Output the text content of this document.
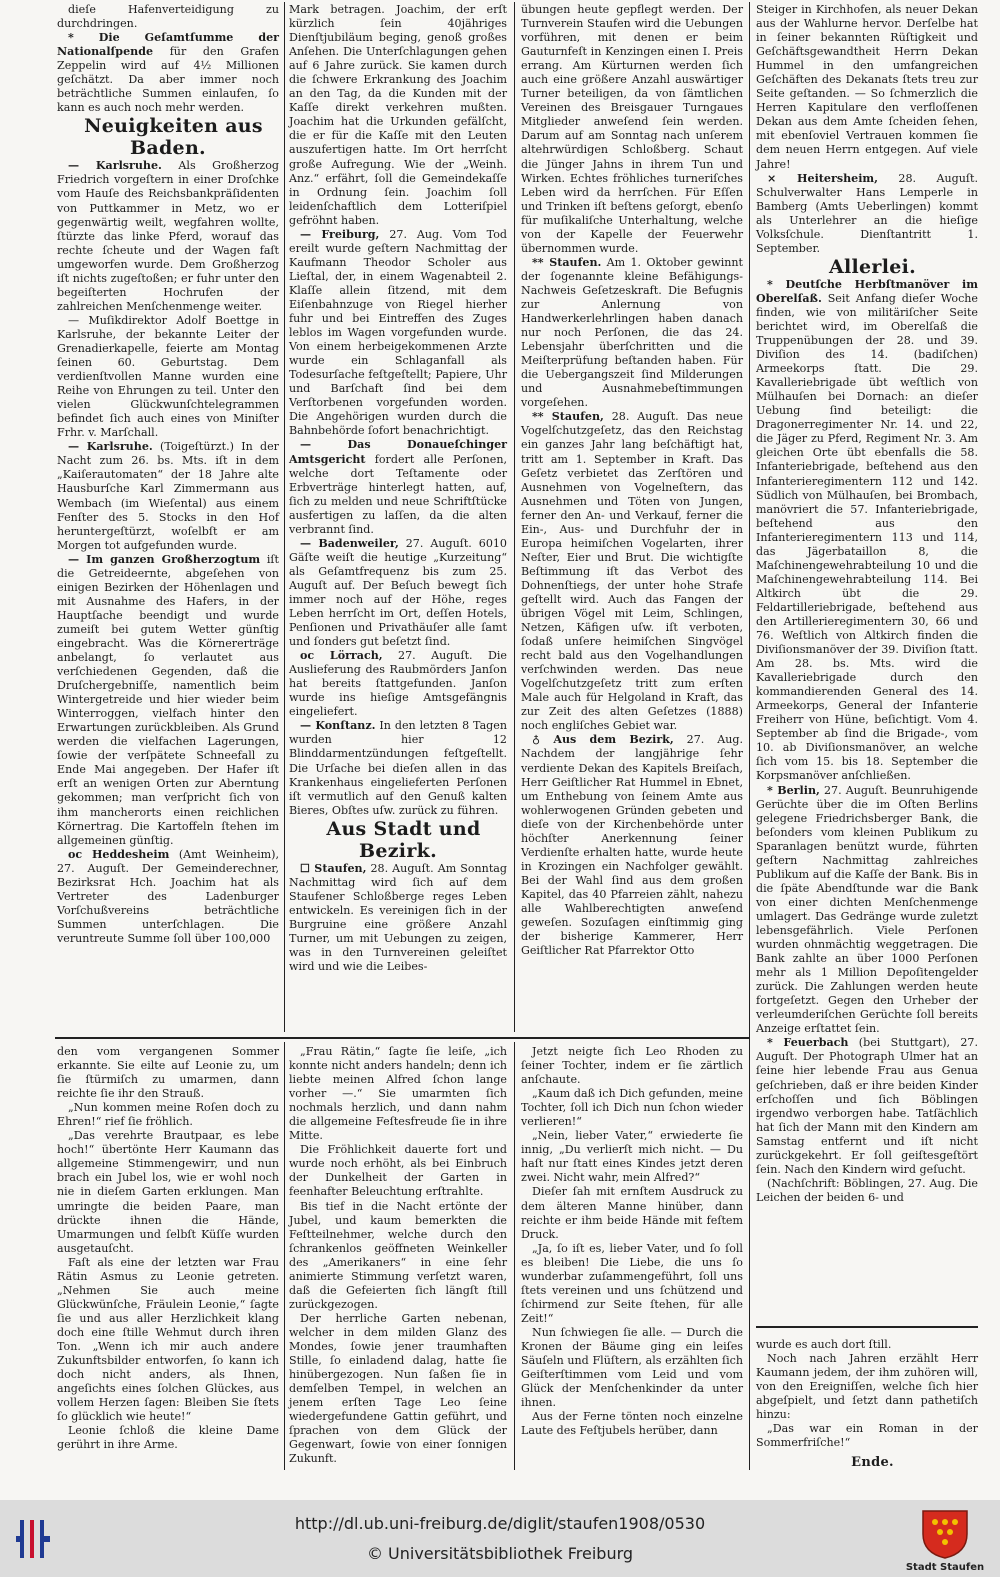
dieſe Hafenverteidigung zu durchdringen.

* Die Geſamtſumme der Nationalſpende für den Grafen Zeppelin wird auf 4½ Millionen geſchätzt. Da aber immer noch beträchtliche Summen einlaufen, ſo kann es auch noch mehr werden.

Neuigkeiten aus Baden.

— Karlsruhe. Als Großherzog Friedrich vorgeſtern in einer Droſchke vom Hauſe des Reichsbankpräſidenten von Puttkammer in Metz, wo er gegenwärtig weilt, wegfahren wollte, ſtürzte das linke Pferd, worauf das rechte ſcheute und der Wagen faſt umgeworfen wurde. Dem Großherzog iſt nichts zugeſtoßen; er fuhr unter den begeiſterten Hochrufen der zahlreichen Menſchenmenge weiter.

— Muſikdirektor Adolf Boettge in Karlsruhe, der bekannte Leiter der Grenadierkapelle, feierte am Montag ſeinen 60. Geburtstag. Dem verdienſtvollen Manne wurden eine Reihe von Ehrungen zu teil. Unter den vielen Glückwunſchtelegrammen befindet ſich auch eines von Miniſter Frhr. v. Marſchall.

— Karlsruhe. (Toigeſtürzt.) In der Nacht zum 26. bs. Mts. iſt in dem „Kaiſerautomaten“ der 18 Jahre alte Hausburſche Karl Zimmermann aus Wembach (im Wieſental) aus einem Fenſter des 5. Stocks in den Hof heruntergeſtürzt, woſelbſt er am Morgen tot aufgefunden wurde.

— Im ganzen Großherzogtum iſt die Getreideernte, abgeſehen von einigen Bezirken der Höhenlagen und mit Ausnahme des Hafers, in der Hauptſache beendigt und wurde zumeiſt bei gutem Wetter günſtig eingebracht. Was die Körnererträge anbelangt, ſo verlautet aus verſchiedenen Gegenden, daß die Druſchergebniſſe, namentlich beim Wintergetreide und hier wieder beim Winterroggen, vielfach hinter den Erwartungen zurückbleiben. Als Grund werden die vielfachen Lagerungen, ſowie der verſpätete Schneefall zu Ende Mai angegeben. Der Hafer iſt erſt an wenigen Orten zur Aberntung gekommen; man verſpricht ſich von ihm mancherorts einen reichlichen Körnertrag. Die Kartoffeln ſtehen im allgemeinen günſtig.

oc Heddesheim (Amt Weinheim), 27. Auguſt. Der Gemeinderechner, Bezirksrat Hch. Joachim hat als Vertreter des Ladenburger Vorſchußvereins beträchtliche Summen unterſchlagen. Die veruntreute Summe ſoll über 100,000

Mark betragen. Joachim, der erſt kürzlich ſein 40jähriges Dienſtjubiläum beging, genoß großes Anſehen. Die Unterſchlagungen gehen auf 6 Jahre zurück. Sie kamen durch die ſchwere Erkrankung des Joachim an den Tag, da die Kunden mit der Kaſſe direkt verkehren mußten. Joachim hat die Urkunden gefälſcht, die er für die Kaſſe mit den Leuten auszufertigen hatte. Im Ort herrſcht große Aufregung. Wie der „Weinh. Anz.“ erfährt, ſoll die Gemeindekaſſe in Ordnung ſein. Joachim ſoll leidenſchaftlich dem Lotteriſpiel gefröhnt haben.

— Freiburg, 27. Aug. Vom Tod ereilt wurde geſtern Nachmittag der Kaufmann Theodor Scholer aus Lieſtal, der, in einem Wagenabteil 2. Klaſſe allein ſitzend, mit dem Eiſenbahnzuge von Riegel hierher fuhr und bei Eintreffen des Zuges leblos im Wagen vorgefunden wurde. Von einem herbeigekommenen Arzte wurde ein Schlaganfall als Todesurſache feſtgeſtellt; Papiere, Uhr und Barſchaft ſind bei dem Verſtorbenen vorgefunden worden. Die Angehörigen wurden durch die Bahnbehörde ſofort benachrichtigt.

— Das Donaueſchinger Amtsgericht fordert alle Perſonen, welche dort Teſtamente oder Erbverträge hinterlegt hatten, auf, ſich zu melden und neue Schriftſtücke ausfertigen zu laſſen, da die alten verbrannt ſind.

— Badenweiler, 27. Auguſt. 6010 Gäſte weiſt die heutige „Kurzeitung“ als Geſamtfrequenz bis zum 25. Auguſt auf. Der Beſuch bewegt ſich immer noch auf der Höhe, reges Leben herrſcht im Ort, deſſen Hotels, Penſionen und Privathäuſer alle ſamt und ſonders gut beſetzt ſind.

oc Lörrach, 27. Auguſt. Die Auslieferung des Raubmörders Janſon hat bereits ſtattgefunden. Janſon wurde ins hieſige Amtsgefängnis eingeliefert.

— Konſtanz. In den letzten 8 Tagen wurden hier 12 Blinddarmentzündungen feſtgeſtellt. Die Urſache bei dieſen allen in das Krankenhaus eingelieferten Perſonen iſt vermutlich auf den Genuß kalten Bieres, Obſtes uſw. zurück zu führen.

Aus Stadt und Bezirk.

☐ Staufen, 28. Auguſt. Am Sonntag Nachmittag wird ſich auf dem Staufener Schloßberge reges Leben entwickeln. Es vereinigen ſich in der Burgruine eine größere Anzahl Turner, um mit Uebungen zu zeigen, was in den Turnvereinen geleiſtet wird und wie die Leibes-

übungen heute gepflegt werden. Der Turnverein Staufen wird die Uebungen vorführen, mit denen er beim Gauturnfeſt in Kenzingen einen I. Preis errang. Am Kürturnen werden ſich auch eine größere Anzahl auswärtiger Turner beteiligen, da von ſämtlichen Vereinen des Breisgauer Turngaues Mitglieder anweſend ſein werden. Darum auf am Sonntag nach unſerem altehrwürdigen Schloßberg. Schaut die Jünger Jahns in ihrem Tun und Wirken. Echtes fröhliches turneriſches Leben wird da herrſchen. Für Eſſen und Trinken iſt beſtens geſorgt, ebenſo für muſikaliſche Unterhaltung, welche von der Kapelle der Feuerwehr übernommen wurde.

** Staufen. Am 1. Oktober gewinnt der ſogenannte kleine Befähigungs-Nachweis Geſetzeskraft. Die Befugnis zur Anlernung von Handwerkerlehrlingen haben danach nur noch Perſonen, die das 24. Lebensjahr überſchritten und die Meiſterprüfung beſtanden haben. Für die Uebergangszeit ſind Milderungen und Ausnahmebeſtimmungen vorgeſehen.

** Staufen, 28. Auguſt. Das neue Vogelſchutzgeſetz, das den Reichstag ein ganzes Jahr lang beſchäftigt hat, tritt am 1. September in Kraft. Das Geſetz verbietet das Zerſtören und Ausnehmen von Vogelneſtern, das Ausnehmen und Töten von Jungen, ferner den An- und Verkauf, ferner die Ein-, Aus- und Durchfuhr der in Europa heimiſchen Vogelarten, ihrer Neſter, Eier und Brut. Die wichtigſte Beſtimmung iſt das Verbot des Dohnenſtiegs, der unter hohe Strafe geſtellt wird. Auch das Fangen der übrigen Vögel mit Leim, Schlingen, Netzen, Käfigen uſw. iſt verboten, ſodaß unſere heimiſchen Singvögel recht bald aus den Vogelhandlungen verſchwinden werden. Das neue Vogelſchutzgeſetz tritt zum erſten Male auch für Helgoland in Kraft, das zur Zeit des alten Geſetzes (1888) noch engliſches Gebiet war.

♁ Aus dem Bezirk, 27. Aug. Nachdem der langjährige ſehr verdiente Dekan des Kapitels Breiſach, Herr Geiſtlicher Rat Hummel in Ebnet, um Enthebung von ſeinem Amte aus wohlerwogenen Gründen gebeten und dieſe von der Kirchenbehörde unter höchſter Anerkennung ſeiner Verdienſte erhalten hatte, wurde heute in Krozingen ein Nachfolger gewählt. Bei der Wahl ſind aus dem großen Kapitel, das 40 Pfarreien zählt, nahezu alle Wahlberechtigten anweſend geweſen. Sozuſagen einſtimmig ging der bisherige Kammerer, Herr Geiſtlicher Rat Pfarrektor Otto

Steiger in Kirchhofen, als neuer Dekan aus der Wahlurne hervor. Derſelbe hat in ſeiner bekannten Rüſtigkeit und Geſchäftsgewandtheit Herrn Dekan Hummel in den umfangreichen Geſchäften des Dekanats ſtets treu zur Seite geſtanden. — So ſchmerzlich die Herren Kapitulare den verfloſſenen Dekan aus dem Amte ſcheiden ſehen, mit ebenſoviel Vertrauen kommen ſie dem neuen Herrn entgegen. Auf viele Jahre!

× Heitersheim, 28. Auguſt. Schulverwalter Hans Lemperle in Bamberg (Amts Ueberlingen) kommt als Unterlehrer an die hieſige Volksſchule. Dienſtantritt 1. September.

Allerlei.

* Deutſche Herbſtmanöver im Oberelſaß. Seit Anfang dieſer Woche finden, wie von militäriſcher Seite berichtet wird, im Oberelſaß die Truppenübungen der 28. und 39. Diviſion des 14. (badiſchen) Armeekorps ſtatt. Die 29. Kavalleriebrigade übt weſtlich von Mülhauſen bei Dornach: an dieſer Uebung ſind beteiligt: die Dragonerregimenter Nr. 14. und 22, die Jäger zu Pferd, Regiment Nr. 3. Am gleichen Orte übt ebenfalls die 58. Infanteriebrigade, beſtehend aus den Infanterieregimentern 112 und 142. Südlich von Mülhauſen, bei Brombach, manövriert die 57. Infanteriebrigade, beſtehend aus den Infanterieregimentern 113 und 114, das Jägerbataillon 8, die Maſchinengewehrabteilung 10 und die Maſchinengewehrabteilung 114. Bei Altkirch übt die 29. Feldartilleriebrigade, beſtehend aus den Artillerieregimentern 30, 66 und 76. Weſtlich von Altkirch finden die Diviſionsmanöver der 39. Diviſion ſtatt. Am 28. bs. Mts. wird die Kavalleriebrigade durch den kommandierenden General des 14. Armeekorps, General der Infanterie Freiherr von Hüne, beſichtigt. Vom 4. September ab ſind die Brigade-, vom 10. ab Diviſionsmanöver, an welche ſich vom 15. bis 18. September die Korpsmanöver anſchließen.

* Berlin, 27. Auguſt. Beunruhigende Gerüchte über die im Oſten Berlins gelegene Friedrichsberger Bank, die beſonders vom kleinen Publikum zu Sparanlagen benützt wurde, führten geſtern Nachmittag zahlreiches Publikum auf die Kaſſe der Bank. Bis in die ſpäte Abendſtunde war die Bank von einer dichten Menſchenmenge umlagert. Das Gedränge wurde zuletzt lebensgefährlich. Viele Perſonen wurden ohnmächtig weggetragen. Die Bank zahlte an über 1000 Perſonen mehr als 1 Million Depoſitengelder zurück. Die Zahlungen werden heute fortgeſetzt. Gegen den Urheber der verleumderiſchen Gerüchte ſoll bereits Anzeige erſtattet ſein.

* Feuerbach (bei Stuttgart), 27. Auguſt. Der Photograph Ulmer hat an ſeine hier lebende Frau aus Genua geſchrieben, daß er ihre beiden Kinder erſchoſſen und ſich Böblingen irgendwo verborgen habe. Tatſächlich hat ſich der Mann mit den Kindern am Samstag entfernt und iſt nicht zurückgekehrt. Er ſoll geiſtesgeſtört ſein. Nach den Kindern wird geſucht.

(Nachſchrift: Böblingen, 27. Aug. Die Leichen der beiden 6- und

den vom vergangenen Sommer erkannte. Sie eilte auf Leonie zu, um ſie ſtürmiſch zu umarmen, dann reichte ſie ihr den Strauß.

„Nun kommen meine Roſen doch zu Ehren!“ rief ſie fröhlich.

„Das verehrte Brautpaar, es lebe hoch!“ übertönte Herr Kaumann das allgemeine Stimmengewirr, und nun brach ein Jubel los, wie er wohl noch nie in dieſem Garten erklungen. Man umringte die beiden Paare, man drückte ihnen die Hände, Umarmungen und ſelbſt Küſſe wurden ausgetauſcht.

Faſt als eine der letzten war Frau Rätin Asmus zu Leonie getreten. „Nehmen Sie auch meine Glückwünſche, Fräulein Leonie,“ ſagte ſie und aus aller Herzlichkeit klang doch eine ſtille Wehmut durch ihren Ton. „Wenn ich mir auch andere Zukunftsbilder entworfen, ſo kann ich doch nicht anders, als Ihnen, angeſichts eines ſolchen Glückes, aus vollem Herzen ſagen: Bleiben Sie ſtets ſo glücklich wie heute!“

Leonie ſchloß die kleine Dame gerührt in ihre Arme.

„Frau Rätin,“ ſagte ſie leiſe, „ich konnte nicht anders handeln; denn ich liebte meinen Alfred ſchon lange vorher —.“ Sie umarmten ſich nochmals herzlich, und dann nahm die allgemeine Feſtesfreude ſie in ihre Mitte.

Die Fröhlichkeit dauerte fort und wurde noch erhöht, als bei Einbruch der Dunkelheit der Garten in feenhafter Beleuchtung erſtrahlte.

Bis tief in die Nacht ertönte der Jubel, und kaum bemerkten die Feſtteilnehmer, welche durch den ſchrankenlos geöffneten Weinkeller des „Amerikaners“ in eine ſehr animierte Stimmung verſetzt waren, daß die Gefeierten ſich längſt ſtill zurückgezogen.

Der herrliche Garten nebenan, welcher in dem milden Glanz des Mondes, ſowie jener traumhaften Stille, ſo einladend dalag, hatte ſie hinübergezogen. Nun ſaßen ſie in demſelben Tempel, in welchen an jenem erſten Tage Leo ſeine wiedergefundene Gattin geführt, und ſprachen von dem Glück der Gegenwart, ſowie von einer ſonnigen Zukunft.

Jetzt neigte ſich Leo Rhoden zu ſeiner Tochter, indem er ſie zärtlich anſchaute.

„Kaum daß ich Dich gefunden, meine Tochter, ſoll ich Dich nun ſchon wieder verlieren!“

„Nein, lieber Vater,“ erwiederte ſie innig, „Du verlierſt mich nicht. — Du haſt nur ſtatt eines Kindes jetzt deren zwei. Nicht wahr, mein Alfred?“

Dieſer ſah mit ernſtem Ausdruck zu dem älteren Manne hinüber, dann reichte er ihm beide Hände mit feſtem Druck.

„Ja, ſo iſt es, lieber Vater, und ſo ſoll es bleiben! Die Liebe, die uns ſo wunderbar zuſammengeführt, ſoll uns ſtets vereinen und uns ſchützend und ſchirmend zur Seite ſtehen, für alle Zeit!“

Nun ſchwiegen ſie alle. — Durch die Kronen der Bäume ging ein leiſes Säuſeln und Flüſtern, als erzählten ſich Geiſterſtimmen vom Leid und vom Glück der Menſchenkinder da unter ihnen.

Aus der Ferne tönten noch einzelne Laute des Feſtjubels herüber, dann

wurde es auch dort ſtill.

Noch nach Jahren erzählt Herr Kaumann jedem, der ihm zuhören will, von den Ereigniſſen, welche ſich hier abgeſpielt, und ſetzt dann pathetiſch hinzu:

„Das war ein Roman in der Sommerfriſche!“

Ende.

http://dl.ub.uni-freiburg.de/diglit/staufen1908/0530
© Universitätsbibliothek Freiburg
Stadt Staufen
